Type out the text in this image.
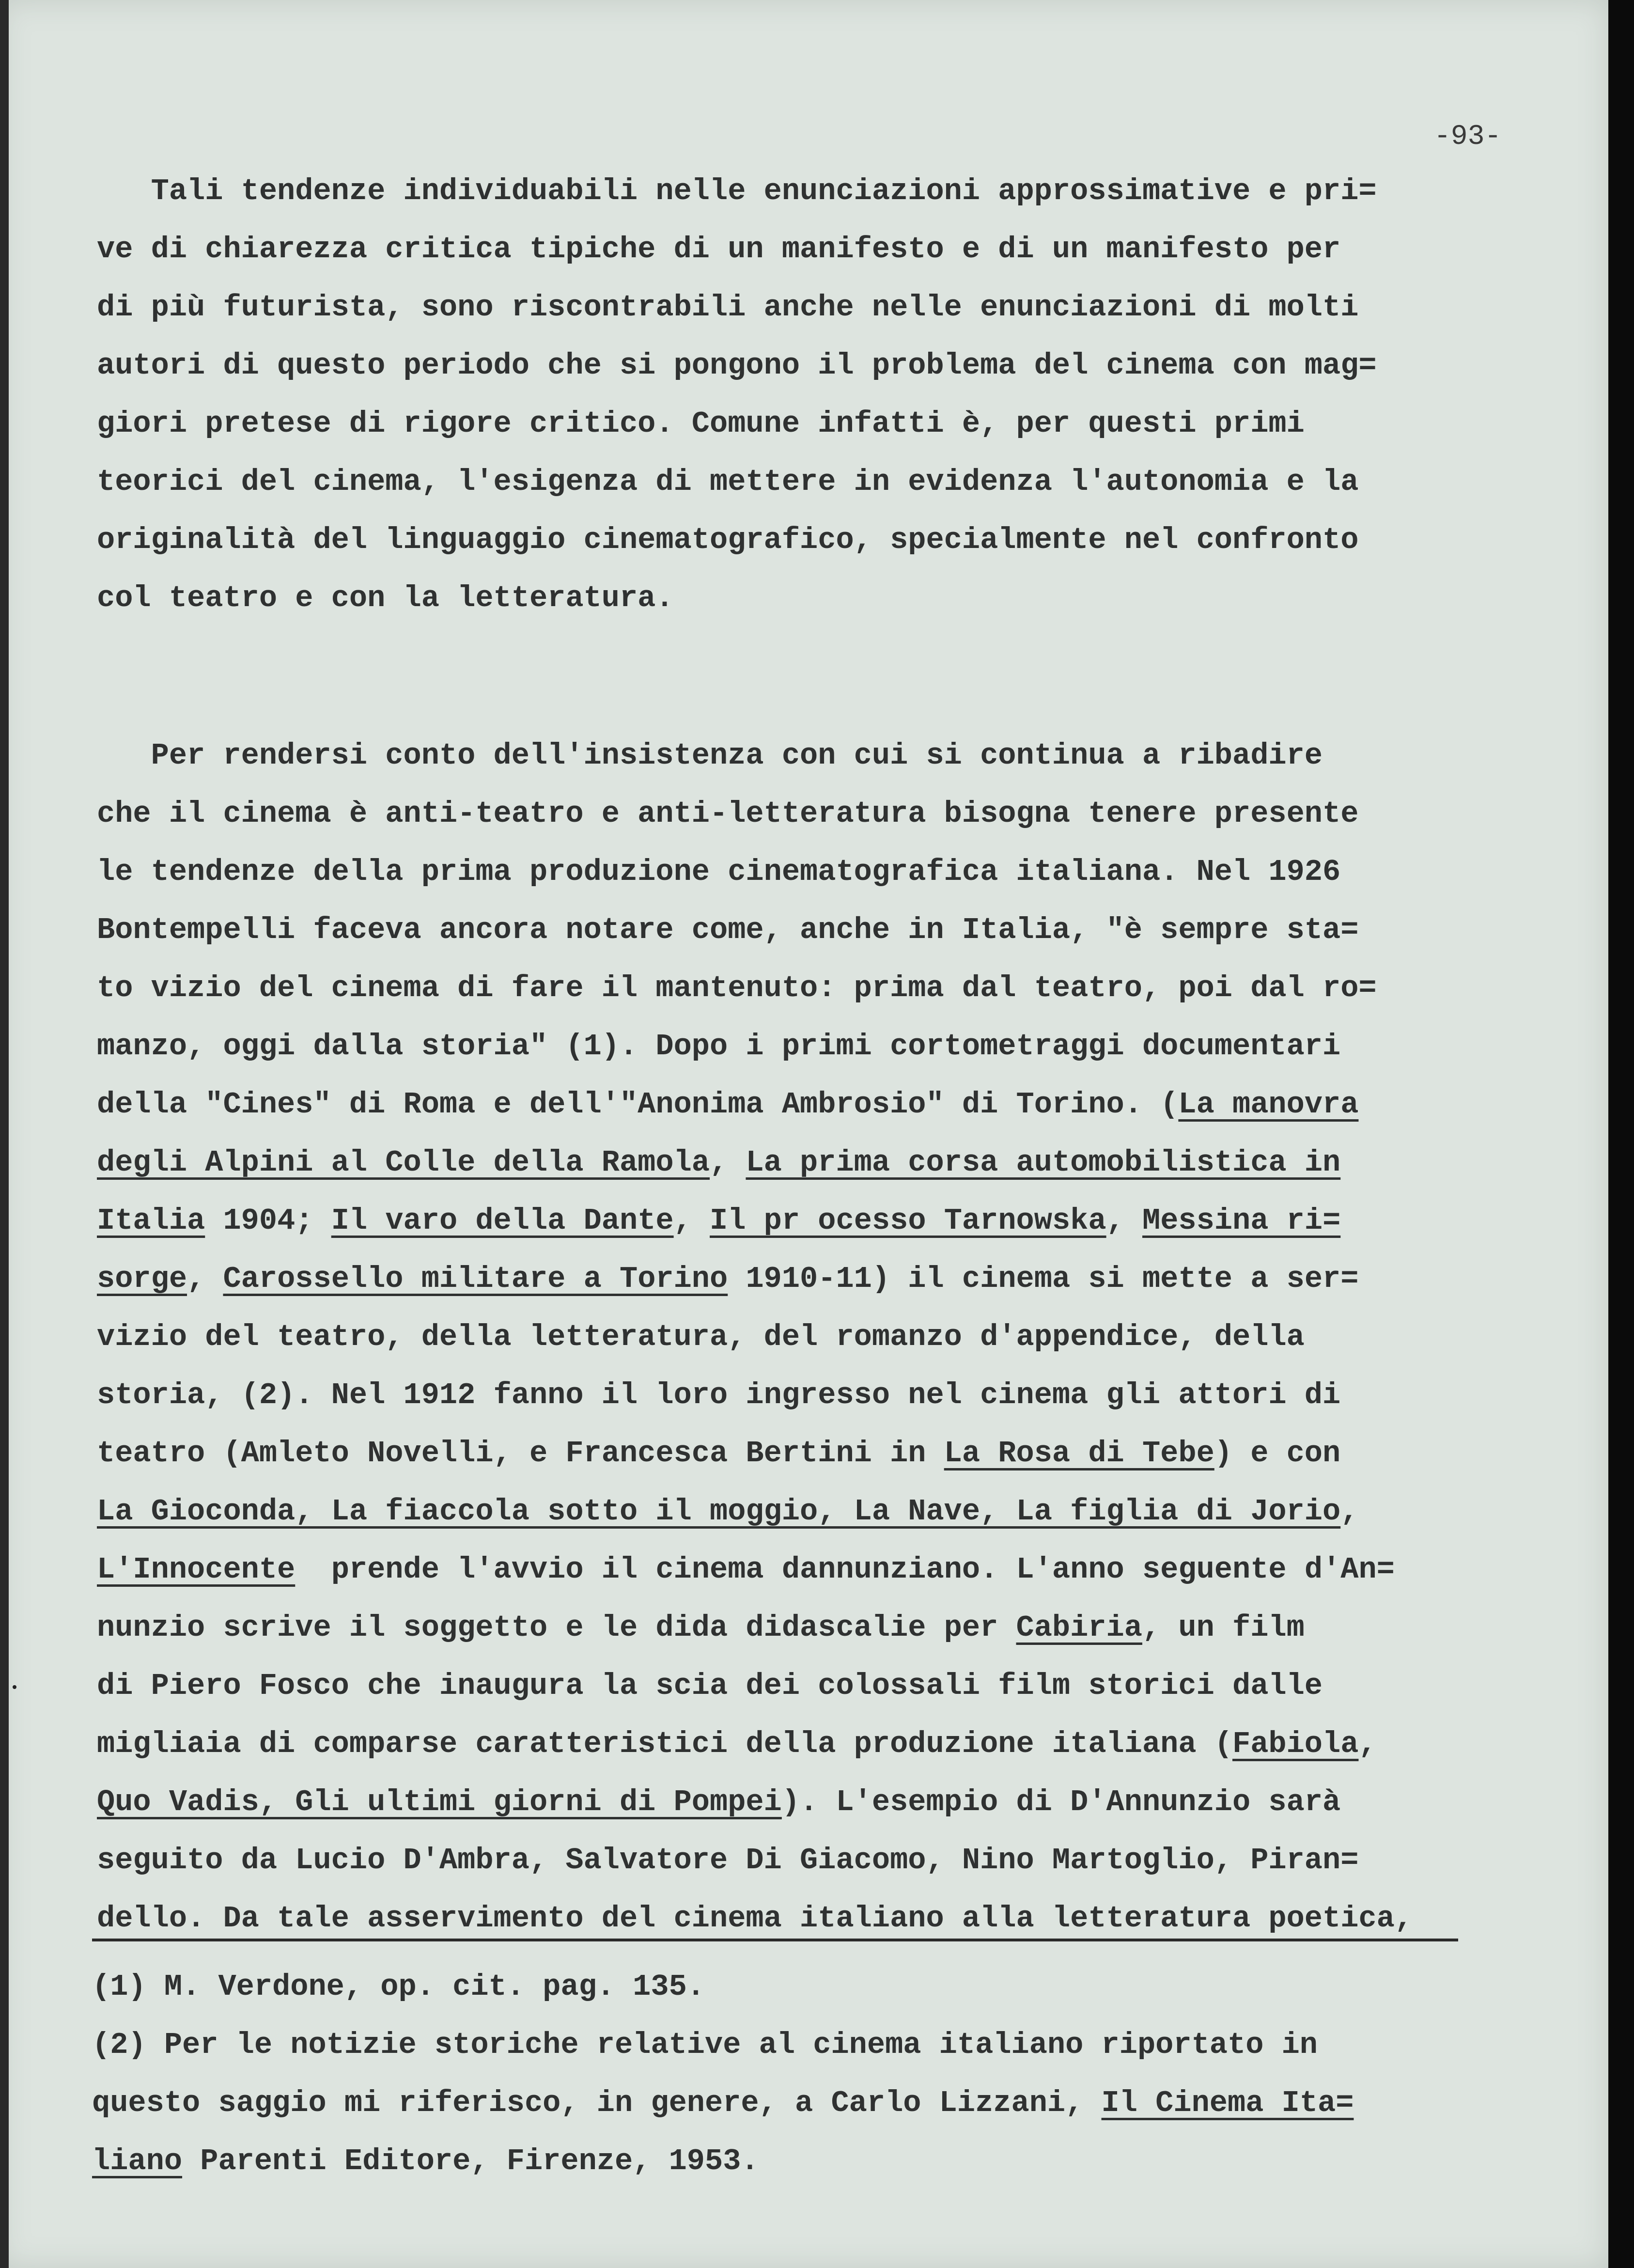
-93-
Tali tendenze individuabili nelle enunciazioni approssimative e pri=
ve di chiarezza critica tipiche di un manifesto e di un manifesto per
di più futurista, sono riscontrabili anche nelle enunciazioni di molti
autori di questo periodo che si pongono il problema del cinema con mag=
giori pretese di rigore critico. Comune infatti è, per questi primi
teorici del cinema, l'esigenza di mettere in evidenza l'autonomia e la
originalità del linguaggio cinematografico, specialmente nel confronto
col teatro e con la letteratura.
Per rendersi conto dell'insistenza con cui si continua a ribadire
che il cinema è anti-teatro e anti-letteratura bisogna tenere presente
le tendenze della prima produzione cinematografica italiana. Nel 1926
Bontempelli faceva ancora notare come, anche in Italia, "è sempre sta=
to vizio del cinema di fare il mantenuto: prima dal teatro, poi dal ro=
manzo, oggi dalla storia" (1). Dopo i primi cortometraggi documentari
della "Cines" di Roma e dell'"Anonima Ambrosio" di Torino. (La manovra
degli Alpini al Colle della Ramola, La prima corsa automobilistica in
Italia 1904; Il varo della Dante, Il pr ocesso Tarnowska, Messina ri=
sorge, Carossello militare a Torino 1910-11) il cinema si mette a ser=
vizio del teatro, della letteratura, del romanzo d'appendice, della
storia, (2). Nel 1912 fanno il loro ingresso nel cinema gli attori di
teatro (Amleto Novelli, e Francesca Bertini in La Rosa di Tebe) e con
La Gioconda, La fiaccola sotto il moggio, La Nave, La figlia di Jorio,
L'Innocente  prende l'avvio il cinema dannunziano. L'anno seguente d'An=
nunzio scrive il soggetto e le dida didascalie per Cabiria, un film
di Piero Fosco che inaugura la scia dei colossali film storici dalle
migliaia di comparse caratteristici della produzione italiana (Fabiola,
Quo Vadis, Gli ultimi giorni di Pompei). L'esempio di D'Annunzio sarà
seguito da Lucio D'Ambra, Salvatore Di Giacomo, Nino Martoglio, Piran=
dello. Da tale asservimento del cinema italiano alla letteratura poetica,
(1) M. Verdone, op. cit. pag. 135.
(2) Per le notizie storiche relative al cinema italiano riportato in
questo saggio mi riferisco, in genere, a Carlo Lizzani, Il Cinema Ita=
liano Parenti Editore, Firenze, 1953.
